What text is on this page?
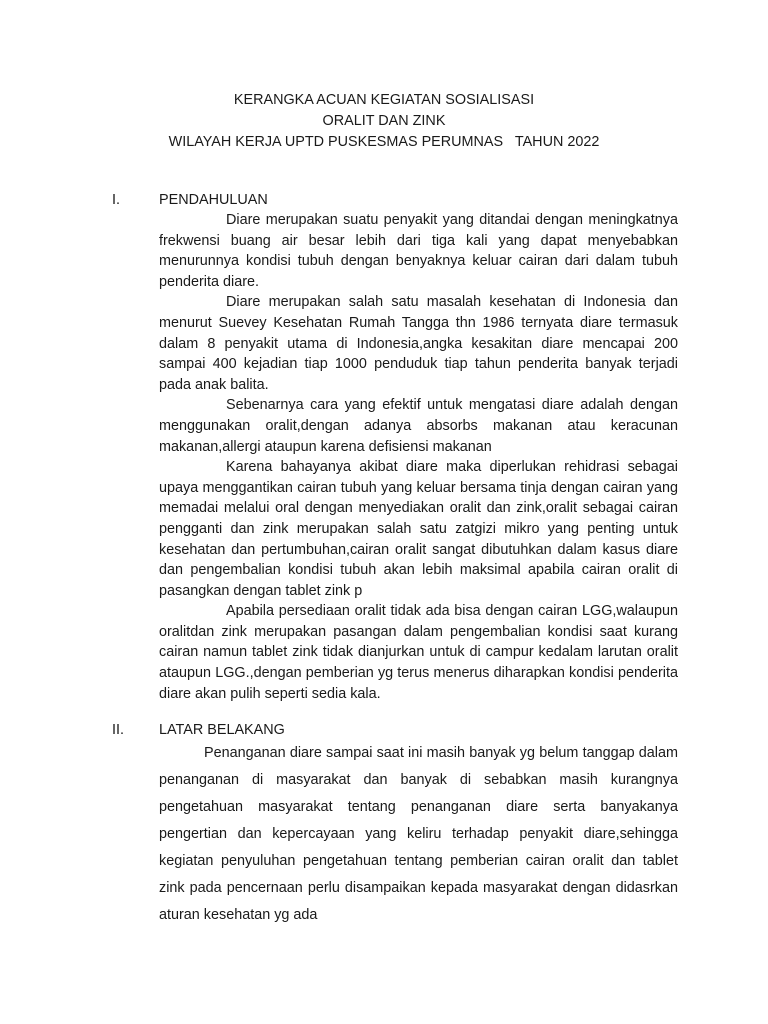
KERANGKA ACUAN KEGIATAN SOSIALISASI
ORALIT DAN ZINK
WILAYAH KERJA UPTD PUSKESMAS PERUMNAS   TAHUN 2022
I.	PENDAHULUAN

Diare merupakan suatu penyakit yang ditandai dengan meningkatnya frekwensi buang air besar lebih dari tiga kali yang dapat menyebabkan menurunnya kondisi tubuh dengan benyaknya keluar cairan dari dalam tubuh penderita diare.

Diare merupakan salah satu masalah kesehatan di Indonesia dan menurut Suevey Kesehatan Rumah Tangga thn 1986 ternyata diare termasuk dalam 8 penyakit utama di Indonesia,angka kesakitan diare mencapai 200 sampai 400 kejadian tiap 1000 penduduk tiap tahun penderita banyak terjadi pada anak balita.

Sebenarnya cara yang efektif untuk mengatasi diare adalah dengan menggunakan oralit,dengan adanya absorbs makanan atau keracunan makanan,allergi ataupun karena defisiensi makanan

Karena bahayanya akibat diare maka diperlukan rehidrasi sebagai upaya menggantikan cairan tubuh yang keluar bersama tinja dengan cairan yang memadai melalui oral dengan menyediakan oralit dan zink,oralit sebagai cairan pengganti dan zink merupakan salah satu zatgizi mikro yang penting untuk kesehatan dan pertumbuhan,cairan oralit sangat dibutuhkan dalam kasus diare dan pengembalian kondisi tubuh akan lebih maksimal apabila cairan oralit di pasangkan dengan tablet zink p

Apabila persediaan oralit tidak ada bisa dengan cairan LGG,walaupun oralitdan zink merupakan pasangan dalam pengembalian kondisi saat kurang cairan namun tablet zink tidak dianjurkan untuk di campur kedalam larutan oralit ataupun LGG.,dengan pemberian yg terus menerus diharapkan kondisi penderita diare akan pulih seperti sedia kala.

II. LATAR BELAKANG

Penanganan diare sampai saat ini masih banyak yg belum tanggap dalam penanganan di masyarakat dan banyak di sebabkan masih kurangnya pengetahuan masyarakat tentang penanganan diare serta banyakanya pengertian dan kepercayaan yang keliru terhadap penyakit diare,sehingga kegiatan penyuluhan pengetahuan tentang pemberian cairan oralit dan tablet zink pada pencernaan perlu disampaikan kepada masyarakat dengan didasrkan aturan kesehatan yg ada
